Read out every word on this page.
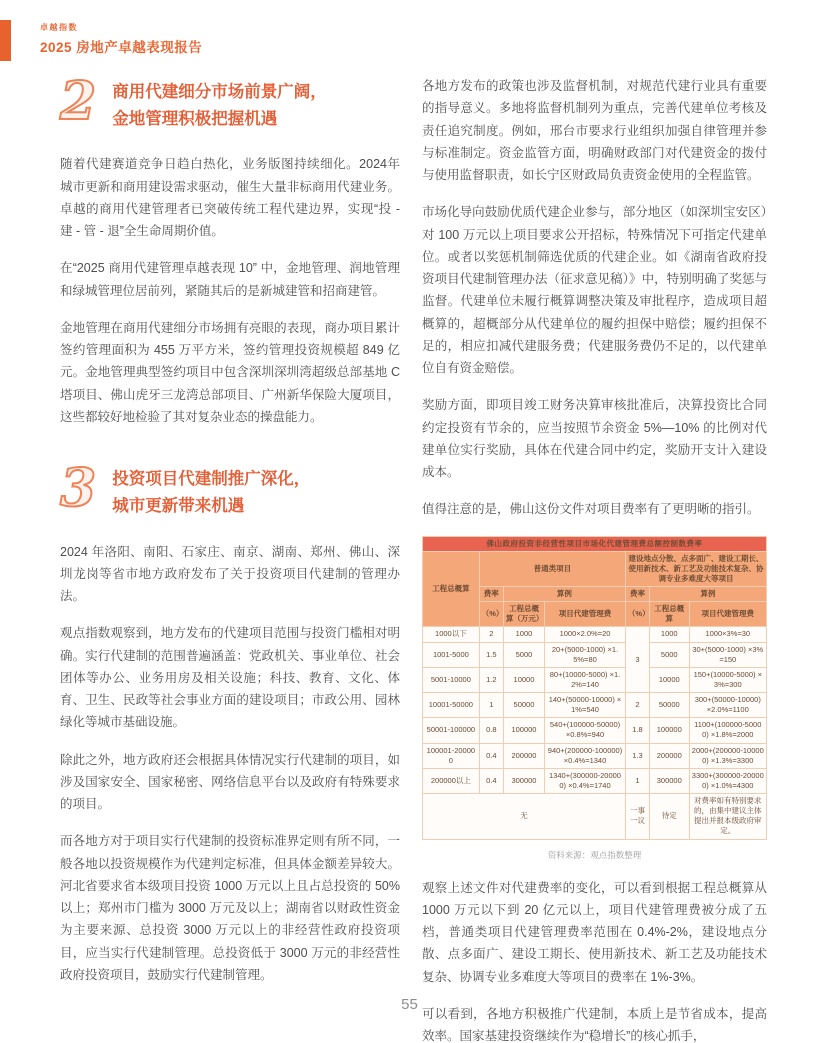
卓越指数
2025 房地产卓越表现报告
2 商用代建细分市场前景广阔，
金地管理积极把握机遇

随着代建赛道竞争日趋白热化，业务版图持续细化。2024年城市更新和商用建设需求驱动，催生大量非标商用代建业务。卓越的商用代建管理者已突破传统工程代建边界，实现“投 - 建 - 管 - 退”全生命周期价值。

在“2025 商用代建管理卓越表现 10” 中，金地管理、润地管理和绿城管理位居前列，紧随其后的是新城建管和招商建管。

金地管理在商用代建细分市场拥有亮眼的表现，商办项目累计签约管理面积为 455 万平方米，签约管理投资规模超 849 亿元。金地管理典型签约项目中包含深圳深圳湾超级总部基地 C 塔项目、佛山虎牙三龙湾总部项目、广州新华保险大厦项目，这些都较好地检验了其对复杂业态的操盘能力。

3 投资项目代建制推广深化，
城市更新带来机遇

2024 年洛阳、南阳、石家庄、南京、湖南、郑州、佛山、深圳龙岗等省市地方政府发布了关于投资项目代建制的管理办法。

观点指数观察到，地方发布的代建项目范围与投资门槛相对明确。实行代建制的范围普遍涵盖：党政机关、事业单位、社会团体等办公、业务用房及相关设施；科技、教育、文化、体育、卫生、民政等社会事业方面的建设项目；市政公用、园林绿化等城市基础设施。

除此之外，地方政府还会根据具体情况实行代建制的项目，如涉及国家安全、国家秘密、网络信息平台以及政府有特殊要求的项目。

而各地方对于项目实行代建制的投资标准界定则有所不同，一般各地以投资规模作为代建判定标准，但具体金额差异较大。河北省要求省本级项目投资 1000 万元以上且占总投资的 50% 以上；郑州市门槛为 3000 万元及以上；湖南省以财政性资金为主要来源、总投资 3000 万元以上的非经营性政府投资项目，应当实行代建制管理。总投资低于 3000 万元的非经营性政府投资项目，鼓励实行代建制管理。

各地方发布的政策也涉及监督机制，对规范代建行业具有重要的指导意义。多地将监督机制列为重点，完善代建单位考核及责任追究制度。例如，邢台市要求行业组织加强自律管理并参与标准制定。资金监管方面，明确财政部门对代建资金的拨付与使用监督职责，如长宁区财政局负责资金使用的全程监管。

市场化导向鼓励优质代建企业参与，部分地区（如深圳宝安区）对 100 万元以上项目要求公开招标，特殊情况下可指定代建单位。或者以奖惩机制筛选优质的代建企业。如《湖南省政府投资项目代建制管理办法（征求意见稿）》中，特别明确了奖惩与监督。代建单位未履行概算调整决策及审批程序，造成项目超概算的，超概部分从代建单位的履约担保中赔偿；履约担保不足的，相应扣减代建服务费；代建服务费仍不足的，以代建单位自有资金赔偿。

奖励方面，即项目竣工财务决算审核批准后，决算投资比合同约定投资有节余的，应当按照节余资金 5%—10% 的比例对代建单位实行奖励，具体在代建合同中约定，奖励开支计入建设成本。

值得注意的是，佛山这份文件对项目费率有了更明晰的指引。

佛山政府投资非经营性项目市场化代建管理费总额控制数费率						
工程总概算	普通类项目			建设地点分散、点多面广、建设工期长、使用新技术、新工艺及功能技术复杂、协调专业多难度大等项目		
	费率	算例		费率	算例	
	（%）	工程总概算（万元）	项目代建管理费	（%）	工程总概算	项目代建管理费
1000以下	2	1000	1000×2.0%=20	3	1000	1000×3%=30
1001-5000	1.5	5000	20+(5000-1000) ×1.5%=80		5000	30+(5000-1000) ×3%=150
5001-10000	1.2	10000	80+(10000-5000) ×1.2%=140		10000	150+(10000-5000) ×3%=300
10001-50000	1	50000	140+(50000-10000) ×1%=540	2	50000	300+(50000-10000) ×2.0%=1100
50001-100000	0.8	100000	540+(100000-50000) ×0.8%=940	1.8	100000	1100+(100000-50000) ×1.8%=2000
100001-200000	0.4	200000	940+(200000-100000) ×0.4%=1340	1.3	200000	2000+(200000-100000) ×1.3%=3300
200000以上	0.4	300000	1340+(300000-200000) ×0.4%=1740	1	300000	3300+(300000-200000) ×1.0%=4300
无				一事一议	待定	对费率如有特别要求的，由集中建议主体提出并报本级政府审定。
资料来源：观点指数整理

观察上述文件对代建费率的变化，可以看到根据工程总概算从 1000 万元以下到 20 亿元以上，项目代建管理费被分成了五档，普通类项目代建管理费率范围在 0.4%-2%，建设地点分散、点多面广、建设工期长、使用新技术、新工艺及功能技术复杂、协调专业多难度大等项目的费率在 1%-3%。

可以看到，各地方积极推广代建制，本质上是节省成本，提高效率。国家基建投资继续作为“稳增长”的核心抓手，

55
